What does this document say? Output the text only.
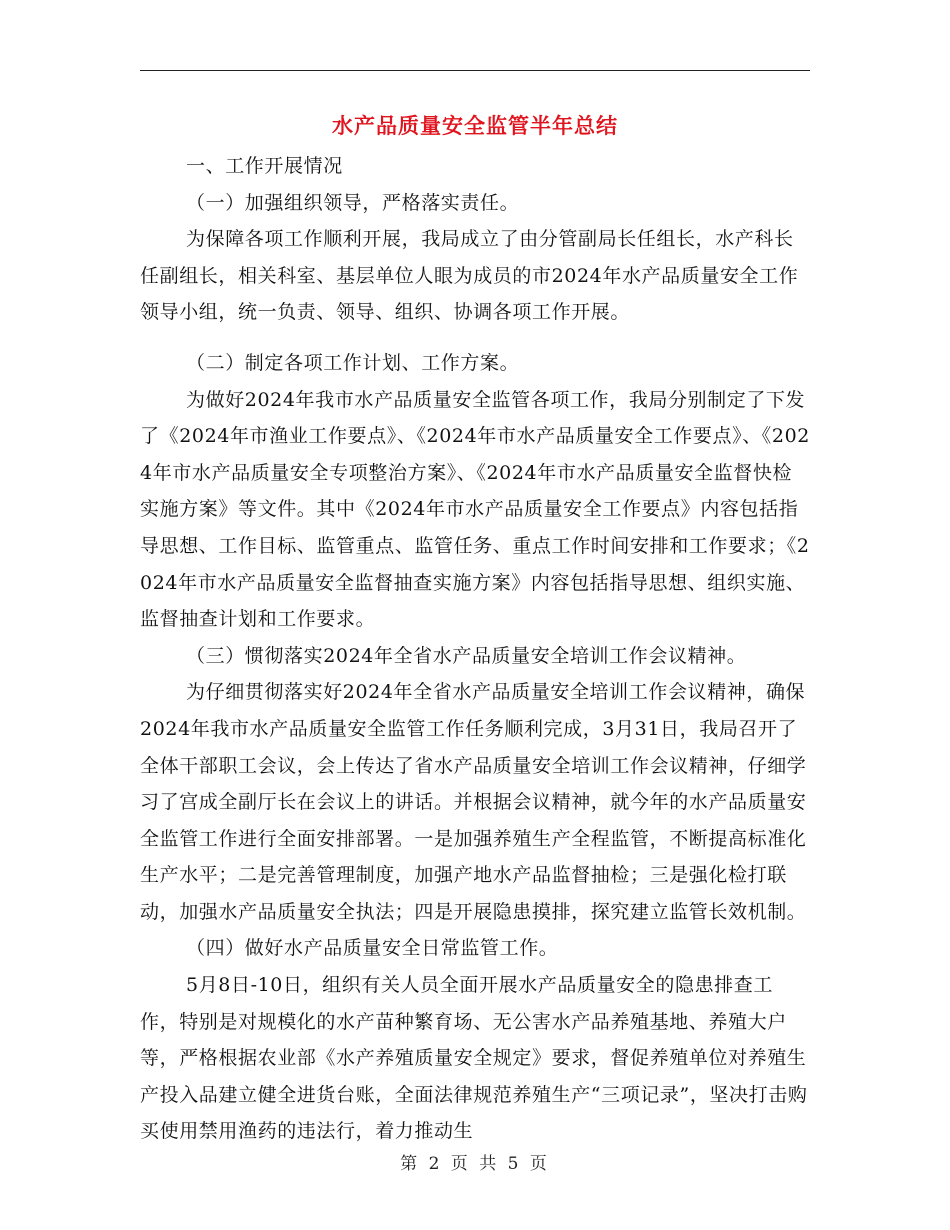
水产品质量安全监管半年总结

一、工作开展情况

（一）加强组织领导，严格落实责任。

为保障各项工作顺利开展，我局成立了由分管副局长任组长，水产科长任副组长，相关科室、基层单位人眼为成员的市2024年水产品质量安全工作领导小组，统一负责、领导、组织、协调各项工作开展。

（二）制定各项工作计划、工作方案。

为做好2024年我市水产品质量安全监管各项工作，我局分别制定了下发了《2024年市渔业工作要点》、《2024年市水产品质量安全工作要点》、《2024年市水产品质量安全专项整治方案》、《2024年市水产品质量安全监督快检实施方案》等文件。其中《2024年市水产品质量安全工作要点》内容包括指导思想、工作目标、监管重点、监管任务、重点工作时间安排和工作要求；《2024年市水产品质量安全监督抽查实施方案》内容包括指导思想、组织实施、监督抽查计划和工作要求。

（三）惯彻落实2024年全省水产品质量安全培训工作会议精神。

为仔细贯彻落实好2024年全省水产品质量安全培训工作会议精神，确保2024年我市水产品质量安全监管工作任务顺利完成，3月31日，我局召开了全体干部职工会议，会上传达了省水产品质量安全培训工作会议精神，仔细学习了宫成全副厅长在会议上的讲话。并根据会议精神，就今年的水产品质量安全监管工作进行全面安排部署。一是加强养殖生产全程监管，不断提高标准化生产水平；二是完善管理制度，加强产地水产品监督抽检；三是强化检打联动，加强水产品质量安全执法；四是开展隐患摸排，探究建立监管长效机制。

（四）做好水产品质量安全日常监管工作。

5月8日-10日，组织有关人员全面开展水产品质量安全的隐患排查工作，特别是对规模化的水产苗种繁育场、无公害水产品养殖基地、养殖大户等，严格根据农业部《水产养殖质量安全规定》要求，督促养殖单位对养殖生产投入品建立健全进货台账，全面法律规范养殖生产“三项记录”，坚决打击购买使用禁用渔药的违法行，着力推动生

第 2 页 共 5 页
